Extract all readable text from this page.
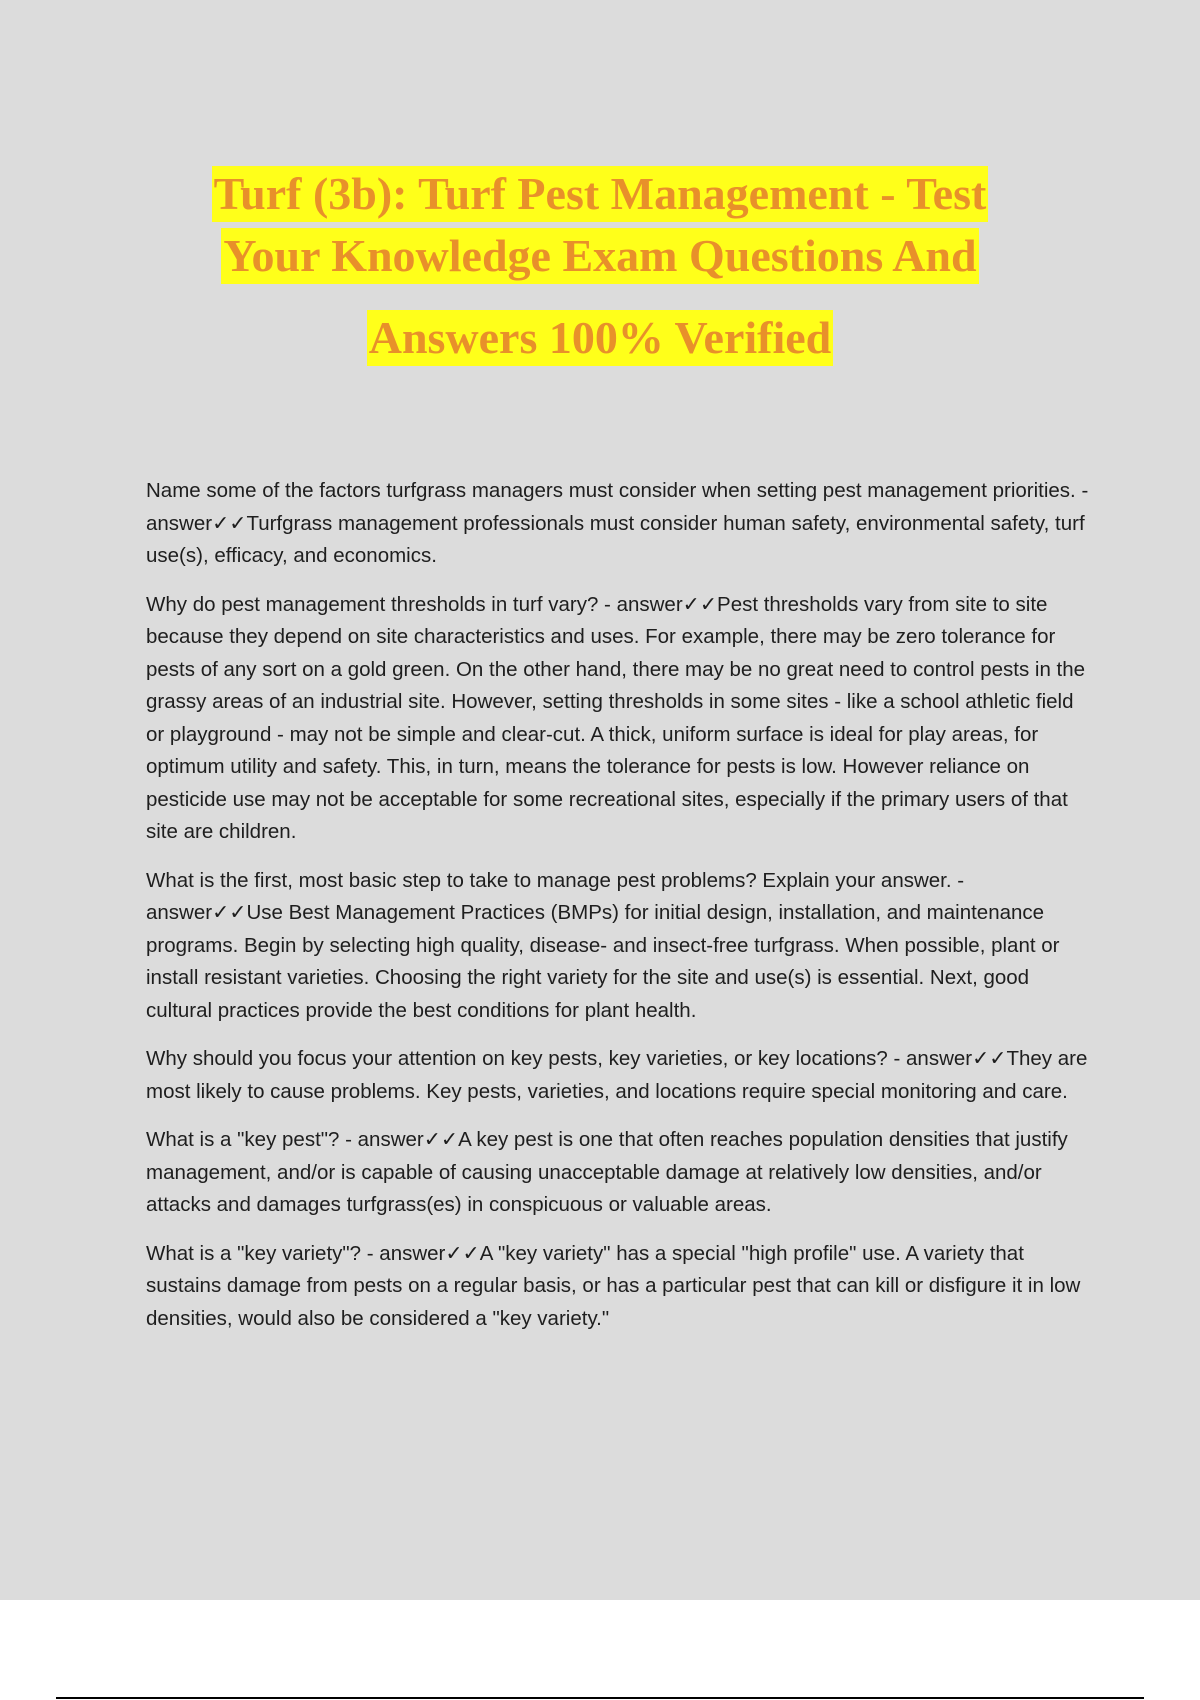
Turf (3b): Turf Pest Management - Test
Your Knowledge Exam Questions And
Answers 100% Verified

Name some of the factors turfgrass managers must consider when setting pest management priorities. - answer✓✓Turfgrass management professionals must consider human safety, environmental safety, turf use(s), efficacy, and economics.

Why do pest management thresholds in turf vary? - answer✓✓Pest thresholds vary from site to site because they depend on site characteristics and uses. For example, there may be zero tolerance for pests of any sort on a gold green. On the other hand, there may be no great need to control pests in the grassy areas of an industrial site. However, setting thresholds in some sites - like a school athletic field or playground - may not be simple and clear-cut. A thick, uniform surface is ideal for play areas, for optimum utility and safety. This, in turn, means the tolerance for pests is low. However reliance on pesticide use may not be acceptable for some recreational sites, especially if the primary users of that site are children.

What is the first, most basic step to take to manage pest problems? Explain your answer. - answer✓✓Use Best Management Practices (BMPs) for initial design, installation, and maintenance programs. Begin by selecting high quality, disease- and insect-free turfgrass. When possible, plant or install resistant varieties. Choosing the right variety for the site and use(s) is essential. Next, good cultural practices provide the best conditions for plant health.

Why should you focus your attention on key pests, key varieties, or key locations? - answer✓✓They are most likely to cause problems. Key pests, varieties, and locations require special monitoring and care.

What is a "key pest"? - answer✓✓A key pest is one that often reaches population densities that justify management, and/or is capable of causing unacceptable damage at relatively low densities, and/or attacks and damages turfgrass(es) in conspicuous or valuable areas.

What is a "key variety"? - answer✓✓A "key variety" has a special "high profile" use. A variety that sustains damage from pests on a regular basis, or has a particular pest that can kill or disfigure it in low densities, would also be considered a "key variety."
